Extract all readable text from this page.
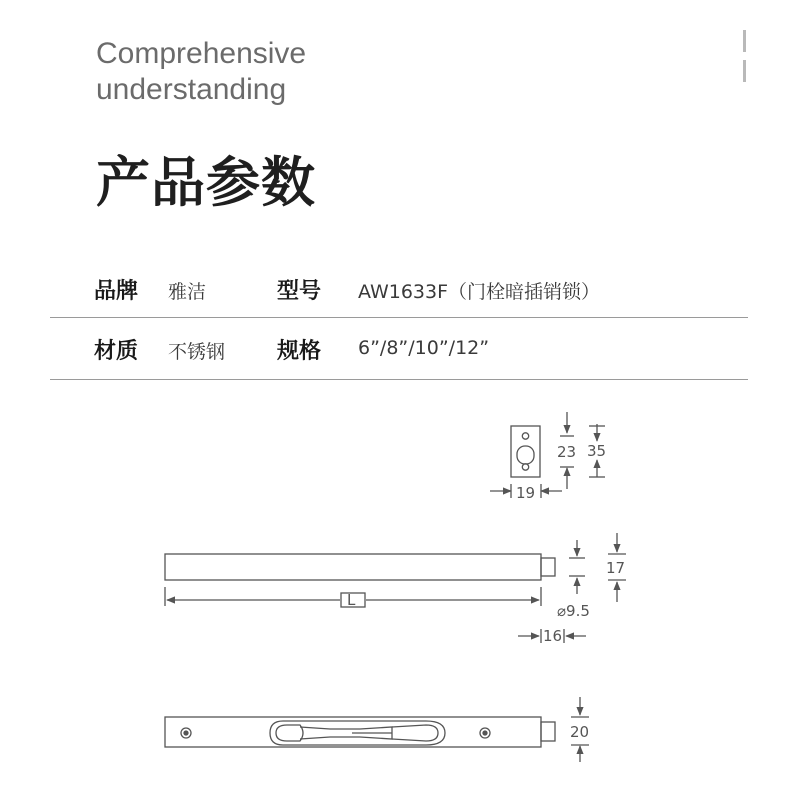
Comprehensive
understanding
产品参数
品牌 雅洁	型号 AW1633F（门栓暗插销锁）
材质 不锈钢 规格 6”/8”/10”/12”
19
23 35
L
⌀9.5
17
16
20
